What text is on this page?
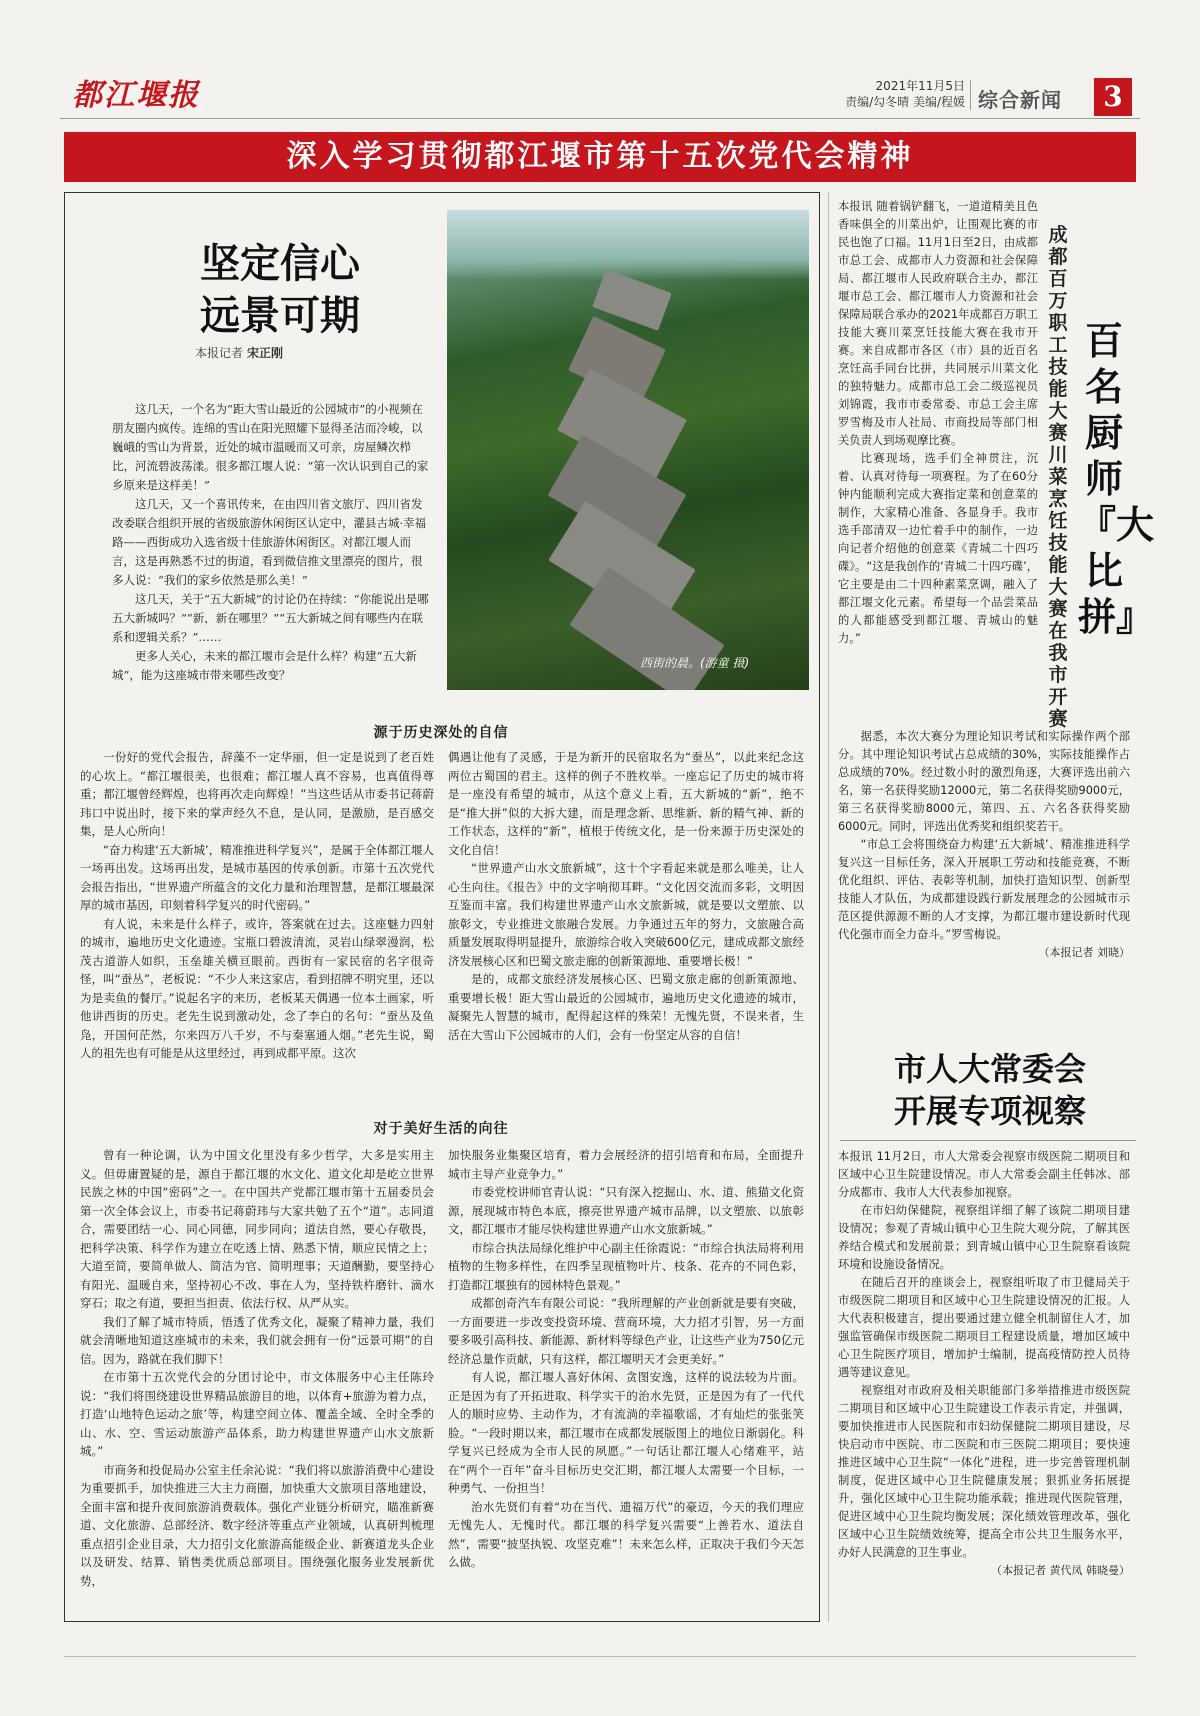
都江堰报	2021年11月5日
责编/勾冬晴 美编/程媛 综合新闻	3
深入学习贯彻都江堰市第十五次党代会精神
坚定信心
远景可期
本报记者 宋正刚
西街的晨。(游童 摄)

这几天，一个名为“距大雪山最近的公园城市”的小视频在朋友圈内疯传。连绵的雪山在阳光照耀下显得圣洁而冷峻，以巍峨的雪山为背景，近处的城市温暖而又可亲，房屋鳞次栉比，河流碧波荡漾。很多都江堰人说：“第一次认识到自己的家乡原来是这样美！”

这几天，又一个喜讯传来，在由四川省文旅厅、四川省发改委联合组织开展的省级旅游休闲街区认定中，灌县古城·幸福路——西街成功入选省级十佳旅游休闲街区。对都江堰人而言，这是再熟悉不过的街道，看到微信推文里漂亮的图片，很多人说：“我们的家乡依然是那么美！”

这几天，关于“五大新城”的讨论仍在持续：“你能说出是哪五大新城吗？”“新，新在哪里？”“五大新城之间有哪些内在联系和逻辑关系？”……

更多人关心，未来的都江堰市会是什么样？构建“五大新城”，能为这座城市带来哪些改变？

源于历史深处的自信

一份好的党代会报告，辞藻不一定华丽，但一定是说到了老百姓的心坎上。“都江堰很美，也很难；都江堰人真不容易，也真值得尊重；都江堰曾经辉煌，也将再次走向辉煌！”当这些话从市委书记蒋蔚玮口中说出时，接下来的掌声经久不息，是认同，是激励，是百感交集，是人心所向！

“奋力构建‘五大新城’，精准推进科学复兴”，是属于全体都江堰人一场再出发。这场再出发，是城市基因的传承创新。市第十五次党代会报告指出，“世界遗产所蕴含的文化力量和治理智慧，是都江堰最深厚的城市基因，印刻着科学复兴的时代密码。”

有人说，未来是什么样子，或许，答案就在过去。这座魅力四射的城市，遍地历史文化遗迹。宝瓶口碧波清流，灵岩山绿翠漫润，松茂古道游人如织，玉垒雄关横亘眼前。西街有一家民宿的名字很奇怪，叫“蚕丛”，老板说：“不少人来这家店，看到招牌不明究里，还以为是卖鱼的餐厅。”说起名字的来历，老板某天偶遇一位本土画家，听他讲西街的历史。老先生说到激动处，念了李白的名句：“蚕丛及鱼凫，开国何茫然，尔来四万八千岁，不与秦塞通人烟。”老先生说，蜀人的祖先也有可能是从这里经过，再到成都平原。这次

偶遇让他有了灵感，于是为新开的民宿取名为“蚕丛”，以此来纪念这两位古蜀国的君主。这样的例子不胜枚举。一座忘记了历史的城市将是一座没有希望的城市，从这个意义上看，五大新城的“新”，绝不是“推大拼”似的大拆大建，而是理念新、思维新、新的精气神、新的工作状态，这样的“新”，植根于传统文化，是一份来源于历史深处的文化自信！

“世界遗产山水文旅新城”，这十个字看起来就是那么唯美，让人心生向往。《报告》中的文字响彻耳畔。“文化因交流而多彩，文明因互鉴而丰富。我们构建世界遗产山水文旅新城，就是要以文塑旅、以旅彰文，专业推进文旅融合发展。力争通过五年的努力，文旅融合高质量发展取得明显提升，旅游综合收入突破600亿元，建成成都文旅经济发展核心区和巴蜀文旅走廊的创新策源地、重要增长极！”

是的，成都文旅经济发展核心区、巴蜀文旅走廊的创新策源地、重要增长极！距大雪山最近的公园城市，遍地历史文化遗迹的城市，凝聚先人智慧的城市，配得起这样的殊荣！无愧先贤，不误来者，生活在大雪山下公园城市的人们，会有一份坚定从容的自信！

对于美好生活的向往

曾有一种论调，认为中国文化里没有多少哲学，大多是实用主义。但毋庸置疑的是，源自于都江堰的水文化、道文化却是屹立世界民族之林的中国“密码”之一。在中国共产党都江堰市第十五届委员会第一次全体会议上，市委书记蒋蔚玮与大家共勉了五个“道”。志同道合，需要团结一心、同心同德，同步同向；道法自然，要心存敬畏，把科学决策、科学作为建立在吃透上情、熟悉下情，顺应民情之上；大道至简，要简单做人、简洁为官、简明理事；天道酬勤，要坚持心有阳光、温暖自来，坚持初心不改、事在人为，坚持铁杵磨针、滴水穿石；取之有道，要担当担责、依法行权、从严从实。

我们了解了城市特质，悟透了优秀文化，凝聚了精神力量，我们就会清晰地知道这座城市的未来，我们就会拥有一份“远景可期”的自信。因为，路就在我们脚下！

在市第十五次党代会的分团讨论中，市文体服务中心主任陈玲说：“我们将围绕建设世界精品旅游目的地，以体育+旅游为着力点，打造‘山地特色运动之旅’等，构建空间立体、覆盖全域、全时全季的山、水、空、雪运动旅游产品体系，助力构建世界遗产山水文旅新城。”

市商务和投促局办公室主任余沁说：“我们将以旅游消费中心建设为重要抓手，加快推进三大主力商圈，加快重大文旅项目落地建设，全面丰富和提升夜间旅游消费载体。强化产业链分析研究，瞄准新赛道、文化旅游、总部经济、数字经济等重点产业领域，认真研判梳理重点招引企业目录，大力招引文化旅游高能级企业、新赛道龙头企业以及研发、结算、销售类优质总部项目。围绕强化服务业发展新优势，

加快服务业集聚区培育，着力会展经济的招引培育和布局，全面提升城市主导产业竞争力。”

市委党校讲师官青认说：“只有深入挖掘山、水、道、熊猫文化资源，展现城市特色本底，擦亮世界遗产城市品牌，以文塑旅、以旅彰文，都江堰市才能尽快构建世界遗产山水文旅新城。”

市综合执法局绿化维护中心副主任徐霞说：“市综合执法局将利用植物的生物多样性，在四季呈现植物叶片、枝条、花卉的不同色彩，打造都江堰独有的园林特色景观。”

成都创奇汽车有限公司说：“我所理解的产业创新就是要有突破，一方面要进一步改变投资环境、营商环境，大力招才引智，另一方面要多吸引高科技、新能源、新材料等绿色产业，让这些产业为750亿元经济总量作贡献，只有这样，都江堰明天才会更美好。”

有人说，都江堰人喜好休闲、贪图安逸，这样的说法较为片面。正是因为有了开拓进取、科学实干的治水先贤，正是因为有了一代代人的顺时应势、主动作为，才有流淌的幸福歌谣，才有灿烂的张张笑脸。“一段时期以来，都江堰市在成都发展版图上的地位日渐弱化。科学复兴已经成为全市人民的夙愿。”一句话让都江堰人心绪难平，站在“两个一百年”奋斗目标历史交汇期，都江堰人太需要一个目标，一种勇气、一份担当！

治水先贤们有着“功在当代、遗福万代”的豪迈，今天的我们理应无愧先人、无愧时代。都江堰的科学复兴需要“上善若水、道法自然”，需要“披坚执锐、攻坚克难”！未来怎么样，正取决于我们今天怎么做。

成都百万职工技能大赛川菜烹饪技能大赛在我市开赛
百名厨师『大比拼』

本报讯 随着锅铲翻飞，一道道精美且色香味俱全的川菜出炉，让围观比赛的市民也饱了口福。11月1日至2日，由成都市总工会、成都市人力资源和社会保障局、都江堰市人民政府联合主办，都江堰市总工会、都江堰市人力资源和社会保障局联合承办的2021年成都百万职工技能大赛川菜烹饪技能大赛在我市开赛。来自成都市各区（市）县的近百名烹饪高手同台比拼，共同展示川菜文化的独特魅力。成都市总工会二级巡视员刘锦霞，我市市委常委、市总工会主席罗雪梅及市人社局、市商投局等部门相关负责人到场观摩比赛。

比赛现场，选手们全神贯注，沉着、认真对待每一项赛程。为了在60分钟内能顺利完成大赛指定菜和创意菜的制作，大家精心准备、各显身手。我市选手邵清双一边忙着手中的制作，一边向记者介绍他的创意菜《青城二十四巧碟》。“这是我创作的‘青城二十四巧碟’，它主要是由二十四种素菜烹调，融入了都江堰文化元素。希望每一个品尝菜品的人都能感受到都江堰、青城山的魅力。”

据悉，本次大赛分为理论知识考试和实际操作两个部分。其中理论知识考试占总成绩的30%，实际技能操作占总成绩的70%。经过数小时的激烈角逐，大赛评选出前六名，第一名获得奖励12000元，第二名获得奖励9000元，第三名获得奖励8000元，第四、五、六名各获得奖励6000元。同时，评选出优秀奖和组织奖若干。

“市总工会将围绕奋力构建‘五大新城’、精准推进科学复兴这一目标任务，深入开展职工劳动和技能竞赛，不断优化组织、评估、表彰等机制，加快打造知识型、创新型技能人才队伍，为成都建设践行新发展理念的公园城市示范区提供源源不断的人才支撑，为都江堰市建设新时代现代化强市而全力奋斗。”罗雪梅说。

（本报记者 刘晓）
市人大常委会
开展专项视察

本报讯 11月2日，市人大常委会视察市级医院二期项目和区域中心卫生院建设情况。市人大常委会副主任韩冰、部分成都市、我市人大代表参加视察。

在市妇幼保健院，视察组详细了解了该院二期项目建设情况；参观了青城山镇中心卫生院大观分院，了解其医养结合模式和发展前景；到青城山镇中心卫生院察看该院环境和设施设备情况。

在随后召开的座谈会上，视察组听取了市卫健局关于市级医院二期项目和区域中心卫生院建设情况的汇报。人大代表积极建言，提出要通过建立健全机制留住人才，加强监管确保市级医院二期项目工程建设质量，增加区域中心卫生院医疗项目，增加护士编制，提高疫情防控人员待遇等建议意见。

视察组对市政府及相关职能部门多举措推进市级医院二期项目和区域中心卫生院建设工作表示肯定，并强调，要加快推进市人民医院和市妇幼保健院二期项目建设，尽快启动市中医院、市二医院和市三医院二期项目；要快速推进区域中心卫生院“一体化”进程，进一步完善管理机制制度，促进区域中心卫生院健康发展；狠抓业务拓展提升，强化区域中心卫生院功能承载；推进现代医院管理，促进区域中心卫生院均衡发展；深化绩效管理改革，强化区域中心卫生院绩效统筹，提高全市公共卫生服务水平，办好人民满意的卫生事业。

（本报记者 黄代凤 韩晓曼）
